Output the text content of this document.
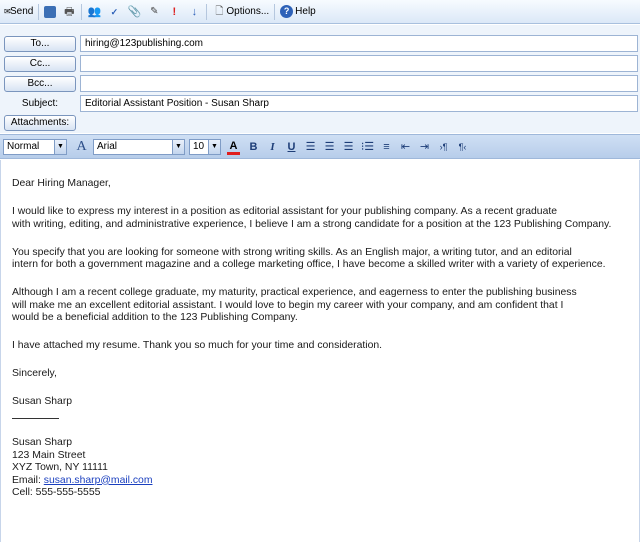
✉ Send	🖶 👥	✓ 📎 ✎	!	↓	🗋 Options...	? Help
To...
hiring@123publishing.com
Cc...
Bcc...
Subject:
Editorial Assistant Position - Susan Sharp
Attachments:
Normal	▼ A	Arial	▼ 10 ▼ A	B	I	U ☰ ☰ ☰ ⁝☰ ≡	⇤ ⇥	›¶	¶‹
Dear Hiring Manager,
I would like to express my interest in a position as editorial assistant for your publishing company. As a recent graduate
with writing, editing, and administrative experience, I believe I am a strong candidate for a position at the 123 Publishing Company.
You specify that you are looking for someone with strong writing skills. As an English major, a writing tutor, and an editorial
intern for both a government magazine and a college marketing office, I have become a skilled writer with a variety of experience.
Although I am a recent college graduate, my maturity, practical experience, and eagerness to enter the publishing business
will make me an excellent editorial assistant. I would love to begin my career with your company, and am confident that I
would be a beneficial addition to the 123 Publishing Company.
I have attached my resume. Thank you so much for your time and consideration.
Sincerely,
Susan Sharp
Susan Sharp
123 Main Street
XYZ Town, NY 11111
Email: susan.sharp@mail.com
Cell: 555-555-5555
